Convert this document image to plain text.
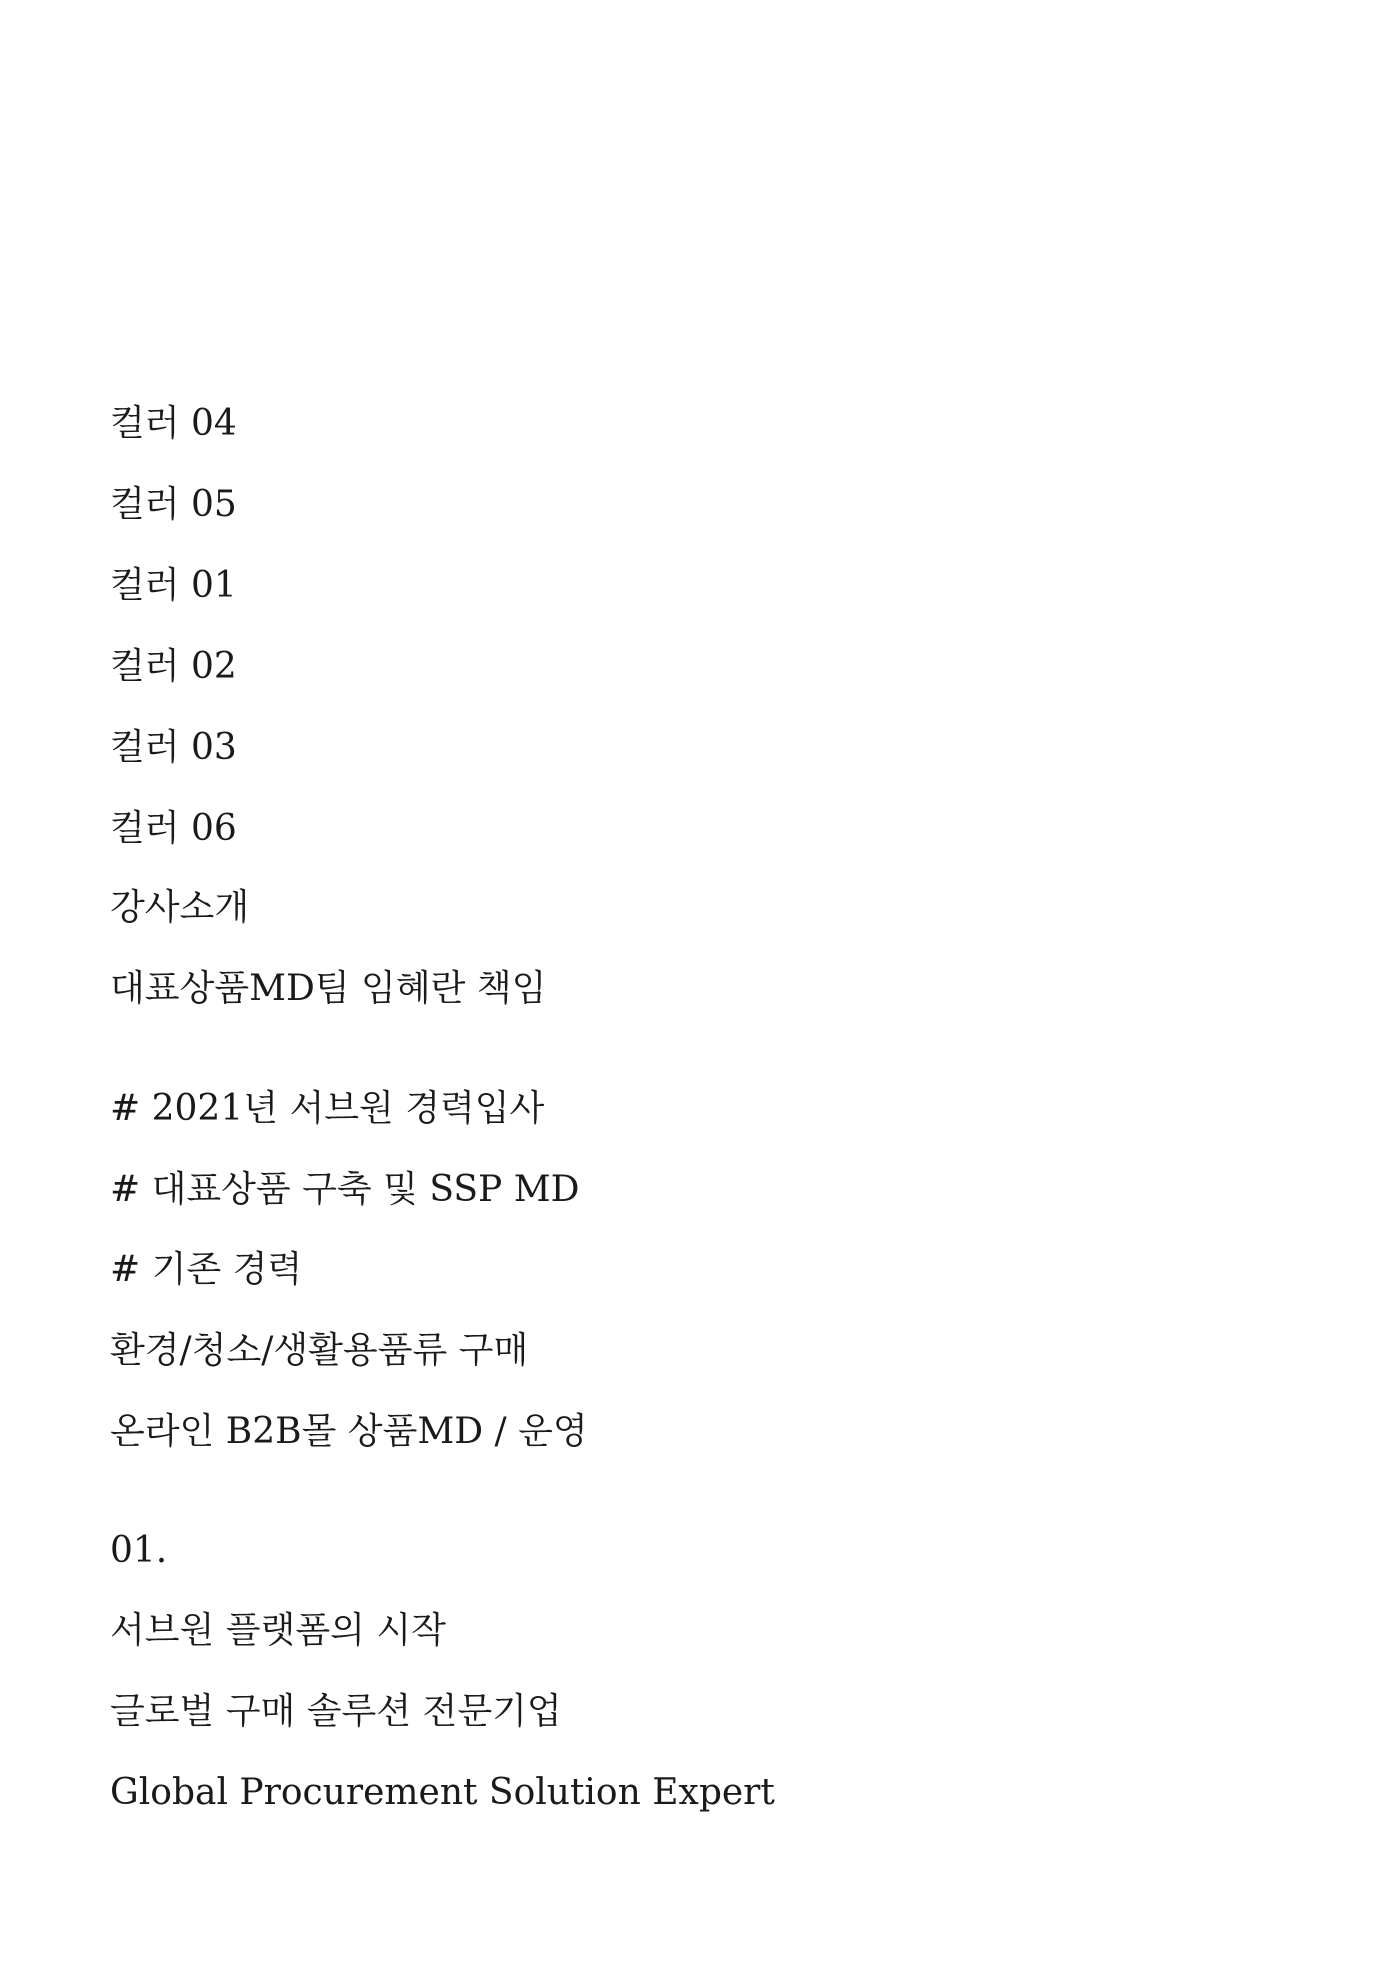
컬러 04
컬러 05
컬러 01
컬러 02
컬러 03
컬러 06
강사소개
대표상품MD팀 임혜란 책임
# 2021년 서브원 경력입사
# 대표상품 구축 및 SSP MD
# 기존 경력
환경/청소/생활용품류 구매
온라인 B2B몰 상품MD / 운영
01.
서브원 플랫폼의 시작
글로벌 구매 솔루션 전문기업
Global Procurement Solution Expert
